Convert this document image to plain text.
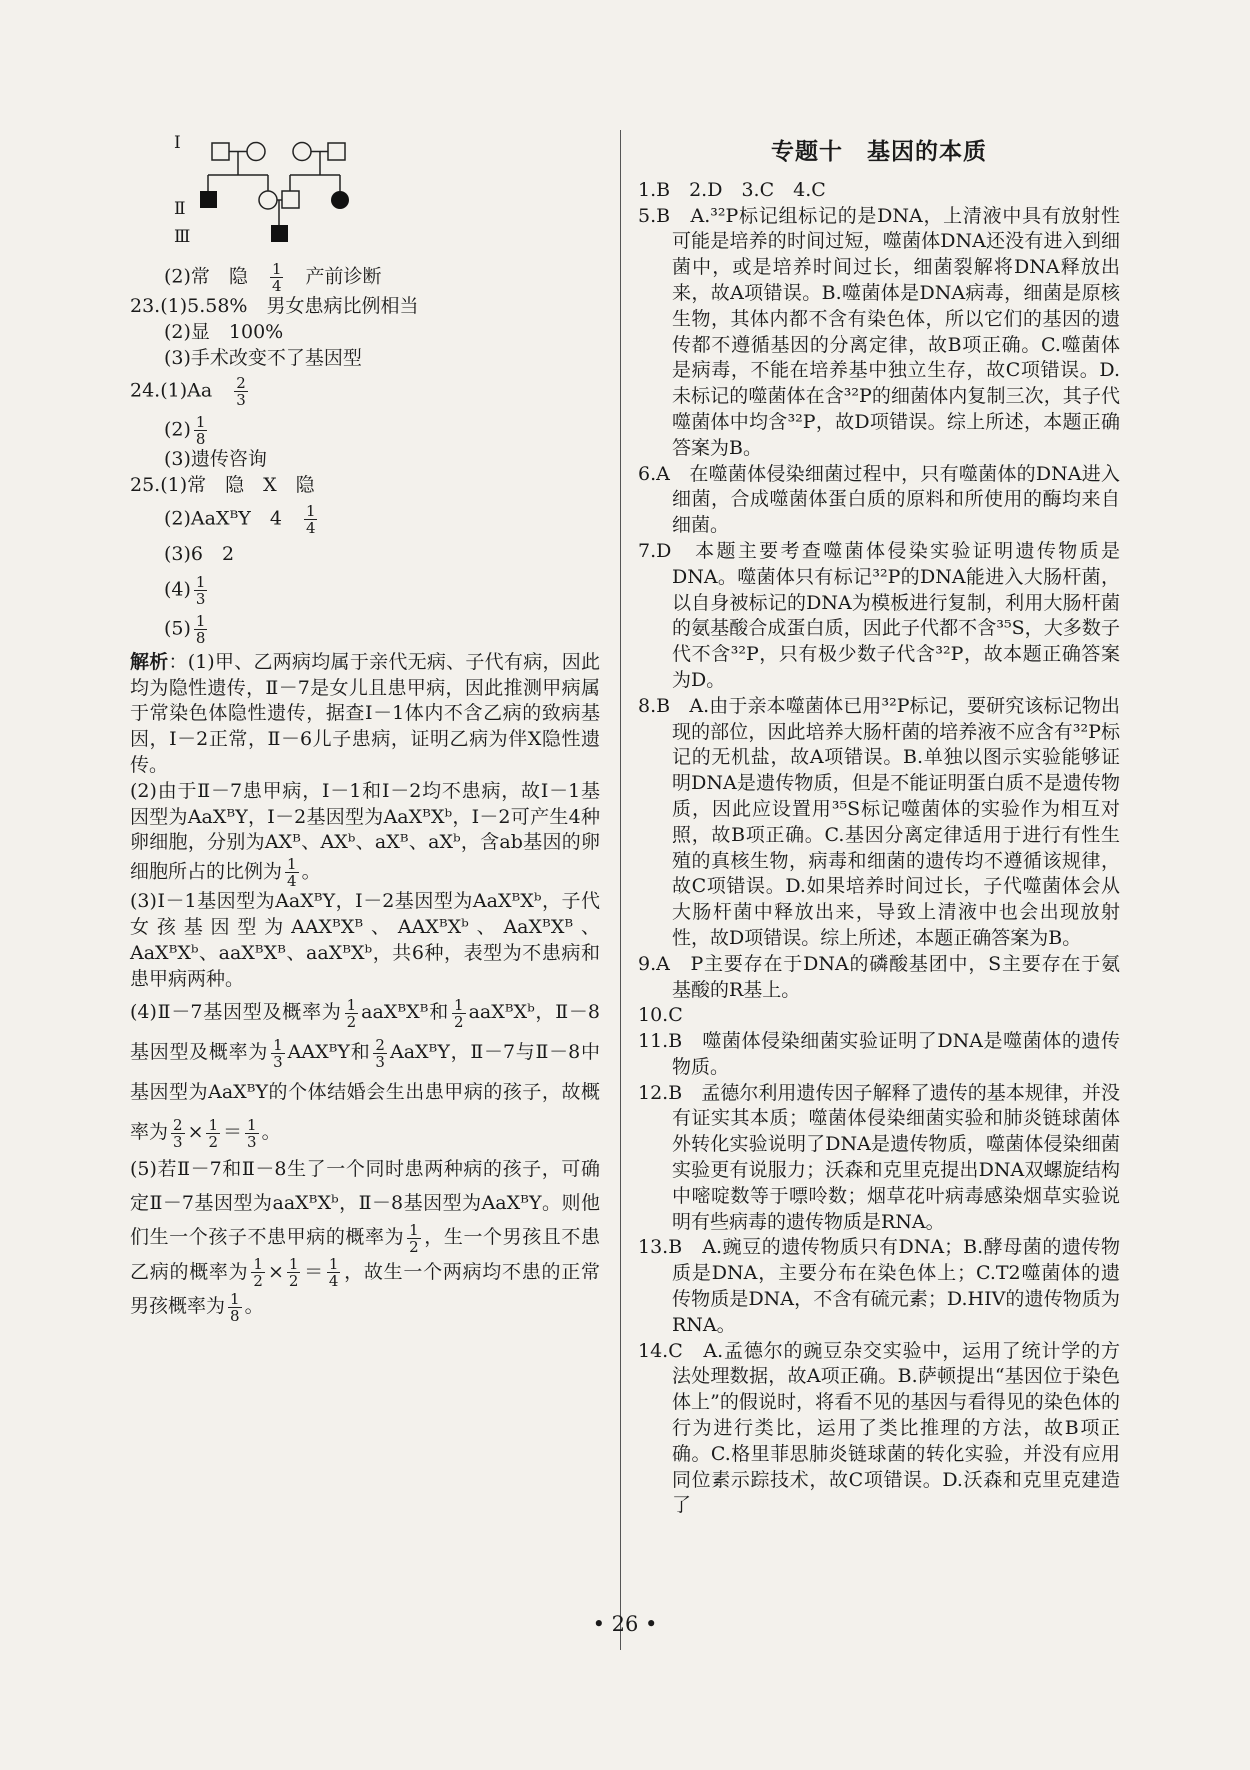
Ⅰ
Ⅱ
Ⅲ
(2)常　隐　 $\frac{1}{4}$
　 产前诊断
23.(1)5.58%　男女患病比例相当
(2)显　100%
(3)手术改变不了基因型
24.(1)Aa　 $\frac{2}{3}$
$(2) \frac{1}{8}$
(3)遗传咨询
25.(1)常　隐　X　隐
(2)AaXᴮY　4　 $\frac{1}{4}$
(3)6　2
$(4) \frac{1}{3}$
$(5) \frac{1}{8}$
解析：(1)甲、乙两病均属于亲代无病、子代有病，因此均为隐性遗传，Ⅱ－7是女儿且患甲病，因此推测甲病属于常染色体隐性遗传，据查Ⅰ－1体内不含乙病的致病基因，Ⅰ－2正常，Ⅱ－6儿子患病，证明乙病为伴X隐性遗传。
(2)由于Ⅱ－7患甲病，Ⅰ－1和Ⅰ－2均不患病，故Ⅰ－1基因型为AaXᴮY，Ⅰ－2基因型为AaXᴮXᵇ，Ⅰ－2可产生4种卵细胞，分别为AXᴮ、AXᵇ、aXᴮ、aXᵇ，含ab基因的卵细胞所占的比例为 $\frac{1}{4}$ 。
(3)Ⅰ－1基因型为AaXᴮY，Ⅰ－2基因型为AaXᴮXᵇ，子代女孩基因型为AAXᴮXᴮ、AAXᴮXᵇ、AaXᴮXᴮ、AaXᴮXᵇ、aaXᴮXᴮ、aaXᴮXᵇ，共6种，表型为不患病和患甲病两种。
(4)Ⅱ－7基因型及概率为 $\frac{1}{2}$ aaXᴮXᴮ和 $\frac{1}{2}$ aaXᴮXᵇ，Ⅱ－8基因型及概率为 $\frac{1}{3}$ AAXᴮY和 $\frac{2}{3}$ AaXᴮY，Ⅱ－7与Ⅱ－8中基因型为AaXᴮY的个体结婚会生出患甲病的孩子，故概率为 $\frac{2}{3} \times \frac{1}{2} = \frac{1}{3}$ 。
(5)若Ⅱ－7和Ⅱ－8生了一个同时患两种病的孩子，可确定Ⅱ－7基因型为aaXᴮXᵇ，Ⅱ－8基因型为AaXᴮY。则他们生一个孩子不患甲病的概率为 $\frac{1}{2}$ ，生一个男孩且不患乙病的概率为 $\frac{1}{2} \times \frac{1}{2} = \frac{1}{4}$ ，故生一个两病均不患的正常男孩概率为 $\frac{1}{8}$ 。
专题十　基因的本质
1.B　2.D　3.C　4.C
5.B　A.³²P标记组标记的是DNA，上清液中具有放射性可能是培养的时间过短，噬菌体DNA还没有进入到细菌中，或是培养时间过长，细菌裂解将DNA释放出来，故A项错误。B.噬菌体是DNA病毒，细菌是原核生物，其体内都不含有染色体，所以它们的基因的遗传都不遵循基因的分离定律，故B项正确。C.噬菌体是病毒，不能在培养基中独立生存，故C项错误。D.未标记的噬菌体在含³²P的细菌体内复制三次，其子代噬菌体中均含³²P，故D项错误。综上所述，本题正确答案为B。
6.A　在噬菌体侵染细菌过程中，只有噬菌体的DNA进入细菌，合成噬菌体蛋白质的原料和所使用的酶均来自细菌。
7.D　本题主要考查噬菌体侵染实验证明遗传物质是DNA。噬菌体只有标记³²P的DNA能进入大肠杆菌，以自身被标记的DNA为模板进行复制，利用大肠杆菌的氨基酸合成蛋白质，因此子代都不含³⁵S，大多数子代不含³²P，只有极少数子代含³²P，故本题正确答案为D。
8.B　A.由于亲本噬菌体已用³²P标记，要研究该标记物出现的部位，因此培养大肠杆菌的培养液不应含有³²P标记的无机盐，故A项错误。B.单独以图示实验能够证明DNA是遗传物质，但是不能证明蛋白质不是遗传物质，因此应设置用³⁵S标记噬菌体的实验作为相互对照，故B项正确。C.基因分离定律适用于进行有性生殖的真核生物，病毒和细菌的遗传均不遵循该规律，故C项错误。D.如果培养时间过长，子代噬菌体会从大肠杆菌中释放出来，导致上清液中也会出现放射性，故D项错误。综上所述，本题正确答案为B。
9.A　P主要存在于DNA的磷酸基团中，S主要存在于氨基酸的R基上。
10.C
11.B　噬菌体侵染细菌实验证明了DNA是噬菌体的遗传物质。
12.B　孟德尔利用遗传因子解释了遗传的基本规律，并没有证实其本质；噬菌体侵染细菌实验和肺炎链球菌体外转化实验说明了DNA是遗传物质，噬菌体侵染细菌实验更有说服力；沃森和克里克提出DNA双螺旋结构中嘧啶数等于嘌呤数；烟草花叶病毒感染烟草实验说明有些病毒的遗传物质是RNA。
13.B　A.豌豆的遗传物质只有DNA；B.酵母菌的遗传物质是DNA，主要分布在染色体上；C.T2噬菌体的遗传物质是DNA，不含有硫元素；D.HIV的遗传物质为RNA。
14.C　A.孟德尔的豌豆杂交实验中，运用了统计学的方法处理数据，故A项正确。B.萨顿提出“基因位于染色体上”的假说时，将看不见的基因与看得见的染色体的行为进行类比，运用了类比推理的方法，故B项正确。C.格里菲思肺炎链球菌的转化实验，并没有应用同位素示踪技术，故C项错误。D.沃森和克里克建造了
• 26 •
